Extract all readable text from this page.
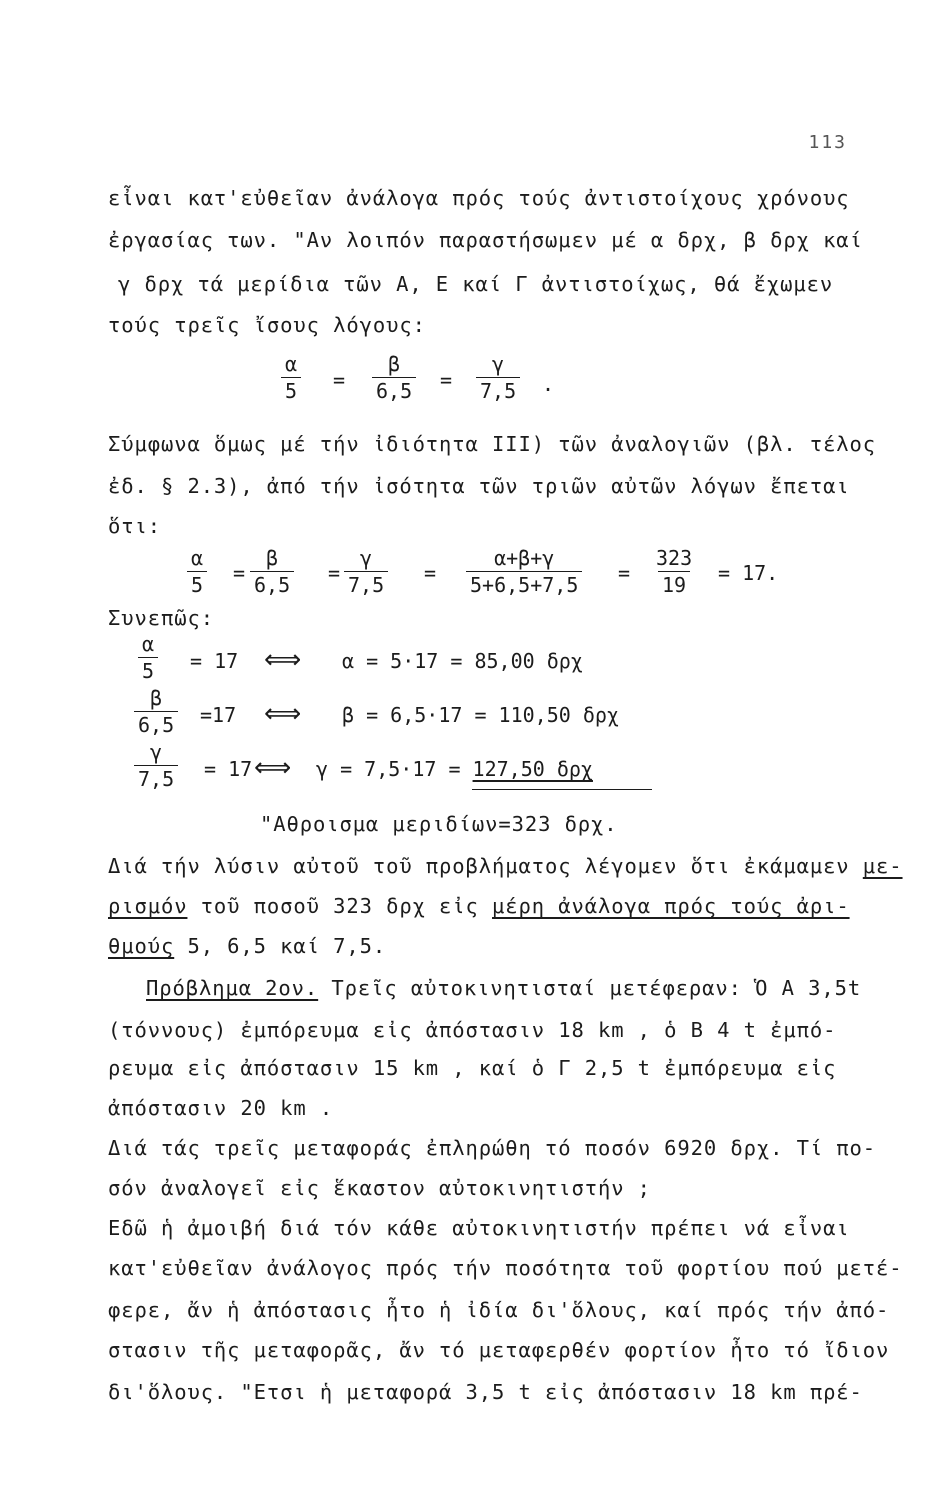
113
εἶναι κατ'εὐθεῖαν ἀνάλογα πρός τούς ἀντιστοίχους χρόνους
ἐργασίας των. "Αν λοιπόν παραστήσωμεν μέ α δρχ, β δρχ καί
γ δρχ τά μερίδια τῶν Α, Ε καί Γ ἀντιστοίχως, θά ἔχωμεν
τούς τρεῖς ἴσους λόγους:
$\frac{\alpha}{5} = \frac{\beta}{6,5} = \frac{\gamma}{7,5}$ .
Σύμφωνα ὅμως μέ τήν ἰδιότητα III) τῶν ἀναλογιῶν (βλ. τέλος
ἐδ. § 2.3), ἀπό τήν ἰσότητα τῶν τριῶν αὐτῶν λόγων ἔπεται
ὅτι:
$\frac{\alpha}{5} = \frac{\beta}{6,5} = \frac{\gamma}{7,5} = \frac{\alpha+\beta+\gamma}{5+6,5+7,5} = \frac{323}{19} = 17$.
Συνεπῶς:
$\frac{\alpha}{5} = 17$ ⟺ α = 5·17 = 85,00 δρχ
$\frac{\beta}{6,5} =17$ ⟺ β = 6,5·17 = 110,50 δρχ
$\frac{\gamma}{7,5} = 17$ ⟺ γ = 7,5·17 = 127,50 δρχ
"Αθροισμα μεριδίων=323 δρχ.
Διά τήν λύσιν αὐτοῦ τοῦ προβλήματος λέγομεν ὅτι ἐκάμαμεν με-
ρισμόν τοῦ ποσοῦ 323 δρχ εἰς μέρη ἀνάλογα πρός τούς ἀρι-
θμούς 5, 6,5 καί 7,5.
Πρόβλημα 2ον. Τρεῖς αὐτοκινητισταί μετέφεραν: Ὁ Α 3,5t
(τόννους) ἐμπόρευμα εἰς ἀπόστασιν 18 km , ὁ Β 4 t ἐμπό-
ρευμα εἰς ἀπόστασιν 15 km , καί ὁ Γ 2,5 t ἐμπόρευμα εἰς
ἀπόστασιν 20 km .
Διά τάς τρεῖς μεταφοράς ἐπληρώθη τό ποσόν 6920 δρχ. Τί πο-
σόν ἀναλογεῖ εἰς ἕκαστον αὐτοκινητιστήν ;
Εδῶ ἡ ἀμοιβή διά τόν κάθε αὐτοκινητιστήν πρέπει νά εἶναι
κατ'εὐθεῖαν ἀνάλογος πρός τήν ποσότητα τοῦ φορτίου πού μετέ-
φερε, ἄν ἡ ἀπόστασις ἦτο ἡ ἰδία δι'ὅλους, καί πρός τήν ἀπό-
στασιν τῆς μεταφορᾶς, ἄν τό μεταφερθέν φορτίον ἦτο τό ἴδιον
δι'ὅλους. "Ετσι ἡ μεταφορά 3,5 t εἰς ἀπόστασιν 18 km πρέ-
